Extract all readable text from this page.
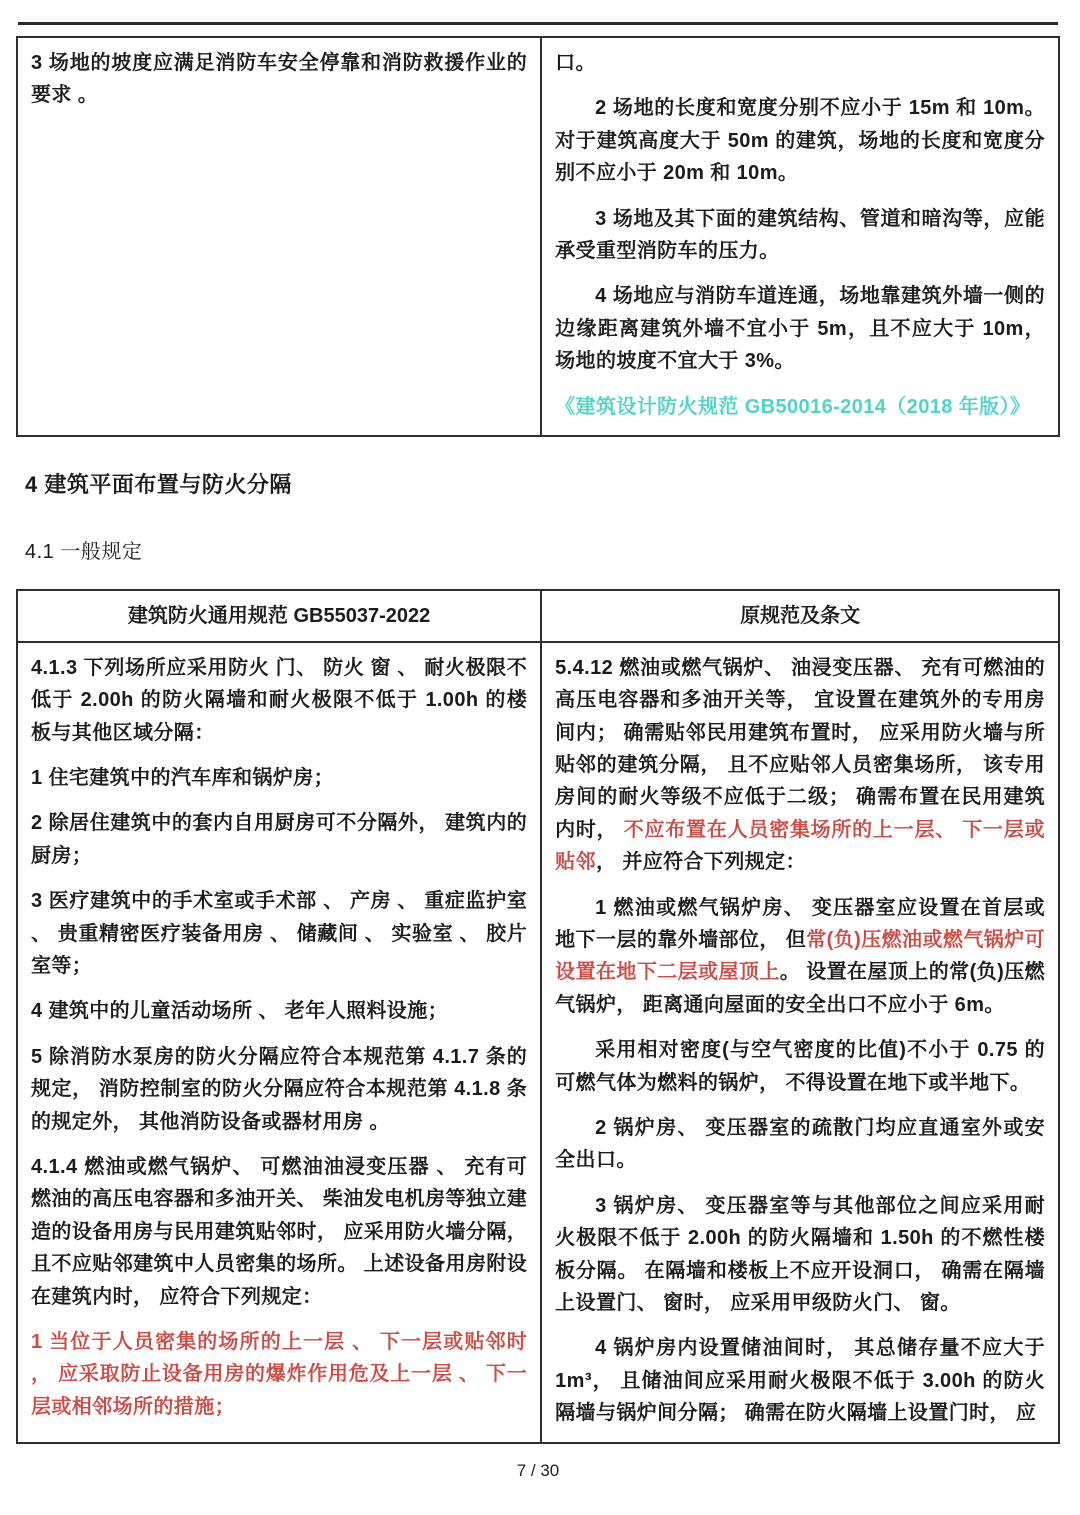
3 场地的坡度应满足消防车安全停靠和消防救援作业的要求 。

口。

2 场地的长度和宽度分别不应小于 15m 和 10m。对于建筑高度大于 50m 的建筑，场地的长度和宽度分别不应小于 20m 和 10m。

3 场地及其下面的建筑结构、管道和暗沟等，应能承受重型消防车的压力。

4 场地应与消防车道连通，场地靠建筑外墙一侧的边缘距离建筑外墙不宜小于 5m，且不应大于 10m，场地的坡度不宜大于 3%。

《建筑设计防火规范 GB50016-2014（2018 年版）》

4 建筑平面布置与防火分隔
4.1 一般规定
建筑防火通用规范 GB55037-2022	原规范及条文

4.1.3 下列场所应采用防火 门、 防火 窗 、 耐火极限不低于 2.00h 的防火隔墙和耐火极限不低于 1.00h 的楼板与其他区域分隔：

1 住宅建筑中的汽车库和锅炉房；

2 除居住建筑中的套内自用厨房可不分隔外， 建筑内的厨房；

3 医疗建筑中的手术室或手术部 、 产房 、 重症监护室 、 贵重精密医疗装备用房 、 储藏间 、 实验室 、 胶片室等；

4 建筑中的儿童活动场所 、 老年人照料设施；

5 除消防水泵房的防火分隔应符合本规范第 4.1.7 条的规定， 消防控制室的防火分隔应符合本规范第 4.1.8 条的规定外， 其他消防设备或器材用房 。

4.1.4 燃油或燃气锅炉、 可燃油油浸变压器 、 充有可燃油的高压电容器和多油开关、 柴油发电机房等独立建造的设备用房与民用建筑贴邻时， 应采用防火墙分隔， 且不应贴邻建筑中人员密集的场所。 上述设备用房附设在建筑内时， 应符合下列规定：

1 当位于人员密集的场所的上一层 、 下一层或贴邻时 ， 应采取防止设备用房的爆炸作用危及上一层 、 下一层或相邻场所的措施；

5.4.12 燃油或燃气锅炉、 油浸变压器、 充有可燃油的高压电容器和多油开关等， 宜设置在建筑外的专用房间内； 确需贴邻民用建筑布置时， 应采用防火墙与所贴邻的建筑分隔， 且不应贴邻人员密集场所， 该专用房间的耐火等级不应低于二级； 确需布置在民用建筑内时， 不应布置在人员密集场所的上一层、 下一层或贴邻， 并应符合下列规定：

1 燃油或燃气锅炉房、 变压器室应设置在首层或地下一层的靠外墙部位， 但常(负)压燃油或燃气锅炉可设置在地下二层或屋顶上。 设置在屋顶上的常(负)压燃气锅炉， 距离通向屋面的安全出口不应小于 6m。

采用相对密度(与空气密度的比值)不小于 0.75 的可燃气体为燃料的锅炉， 不得设置在地下或半地下。

2 锅炉房、 变压器室的疏散门均应直通室外或安全出口。

3 锅炉房、 变压器室等与其他部位之间应采用耐火极限不低于 2.00h 的防火隔墙和 1.50h 的不燃性楼板分隔。 在隔墙和楼板上不应开设洞口， 确需在隔墙上设置门、 窗时， 应采用甲级防火门、 窗。

4 锅炉房内设置储油间时， 其总储存量不应大于 1m³， 且储油间应采用耐火极限不低于 3.00h 的防火隔墙与锅炉间分隔； 确需在防火隔墙上设置门时， 应

7 / 30
